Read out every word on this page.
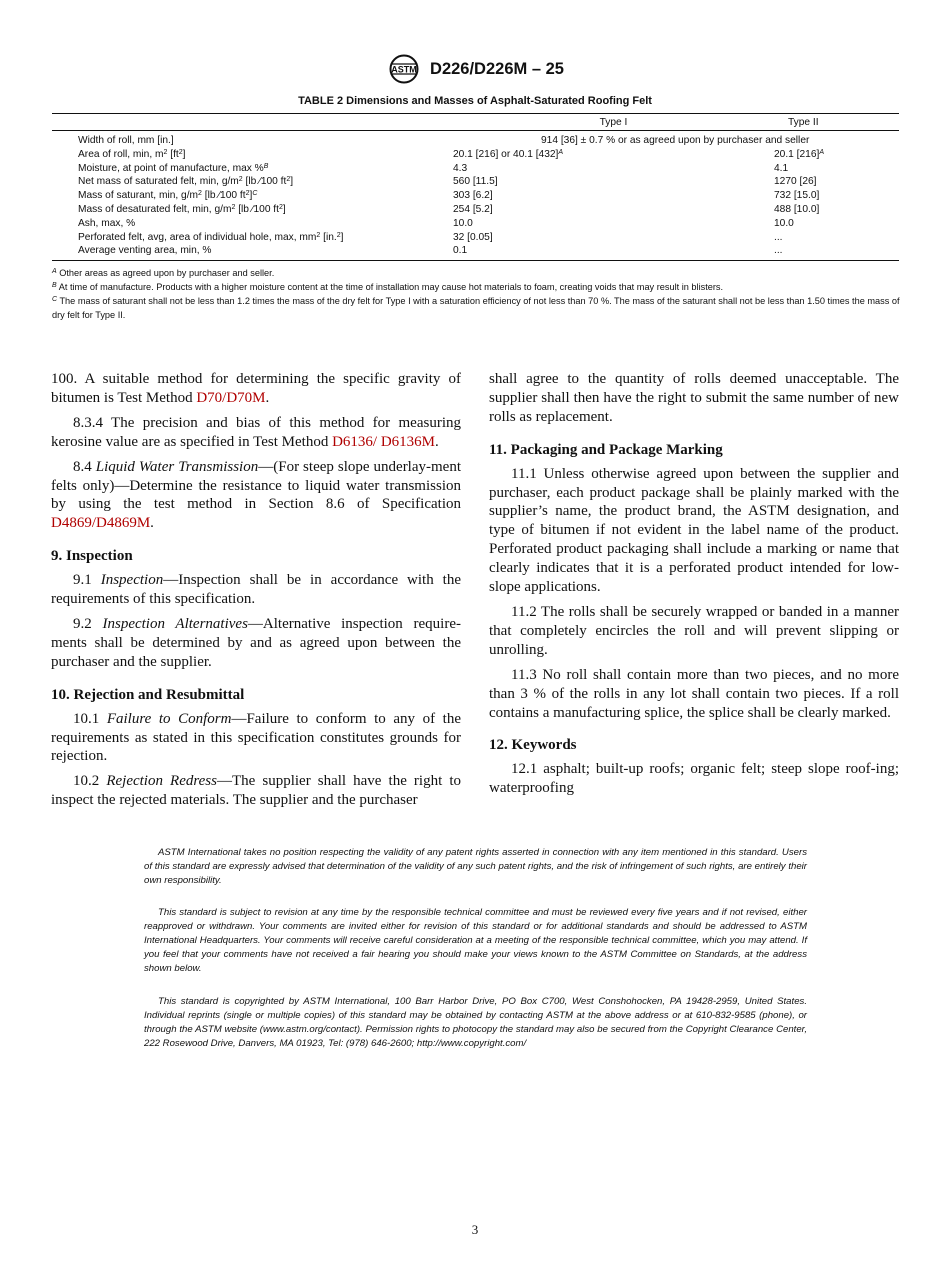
ASTM D226/D226M – 25
TABLE 2 Dimensions and Masses of Asphalt-Saturated Roofing Felt
	Type I	Type II
Width of roll, mm [in.]	914 [36] ± 0.7 % or as agreed upon by purchaser and seller	
Area of roll, min, $m^2$ $[ft^2]$	20.1 [216] or 40.1 $[432]^A$	20.1 $[216]^A$
Moisture, at point of manufacture, max %$^B$	4.3	4.1
Net mass of saturated felt, min, $g/m^2$ [lb ⁄100 $ft^2$]	560 [11.5]	1270 [26]
Mass of saturant, min, $g/m^2$ [lb ⁄100 $ft^2]^C$	303 [6.2]	732 [15.0]
Mass of desaturated felt, min, $g/m^2$ [lb ⁄100 $ft^2$]	254 [5.2]	488 [10.0]
Ash, max, %	10.0	10.0
Perforated felt, avg, area of individual hole, max, $mm^2$ [in.$^2$]	32 [0.05]	...
Average venting area, min, %	0.1	...
$^A$ Other areas as agreed upon by purchaser and seller.
$^B$ At time of manufacture. Products with a higher moisture content at the time of installation may cause hot materials to foam, creating voids that may result in blisters.
$^C$ The mass of saturant shall not be less than 1.2 times the mass of the dry felt for Type I with a saturation efficiency of not less than 70 %. The mass of the saturant shall not be less than 1.50 times the mass of dry felt for Type II.

100. A suitable method for determining the specific gravity of bitumen is Test Method D70/D70M.

8.3.4 The precision and bias of this method for measuring kerosine value are as specified in Test Method D6136/ D6136M.

8.4 Liquid Water Transmission—(For steep slope underlay-ment felts only)—Determine the resistance to liquid water transmission by using the test method in Section 8.6 of Specification D4869/D4869M.

9. Inspection

9.1 Inspection—Inspection shall be in accordance with the requirements of this specification.

9.2 Inspection Alternatives—Alternative inspection require-ments shall be determined by and as agreed upon between the purchaser and the supplier.

10. Rejection and Resubmittal

10.1 Failure to Conform—Failure to conform to any of the requirements as stated in this specification constitutes grounds for rejection.

10.2 Rejection Redress—The supplier shall have the right to inspect the rejected materials. The supplier and the purchaser

shall agree to the quantity of rolls deemed unacceptable. The supplier shall then have the right to submit the same number of new rolls as replacement.

11. Packaging and Package Marking

11.1 Unless otherwise agreed upon between the supplier and purchaser, each product package shall be plainly marked with the supplier’s name, the product brand, the ASTM designation, and type of bitumen if not evident in the label name of the product. Perforated product packaging shall include a marking or name that clearly indicates that it is a perforated product intended for low-slope applications.

11.2 The rolls shall be securely wrapped or banded in a manner that completely encircles the roll and will prevent slipping or unrolling.

11.3 No roll shall contain more than two pieces, and no more than 3 % of the rolls in any lot shall contain two pieces. If a roll contains a manufacturing splice, the splice shall be clearly marked.

12. Keywords

12.1 asphalt; built-up roofs; organic felt; steep slope roof-ing; waterproofing

ASTM International takes no position respecting the validity of any patent rights asserted in connection with any item mentioned in this standard. Users of this standard are expressly advised that determination of the validity of any such patent rights, and the risk of infringement of such rights, are entirely their own responsibility.

This standard is subject to revision at any time by the responsible technical committee and must be reviewed every five years and if not revised, either reapproved or withdrawn. Your comments are invited either for revision of this standard or for additional standards and should be addressed to ASTM International Headquarters. Your comments will receive careful consideration at a meeting of the responsible technical committee, which you may attend. If you feel that your comments have not received a fair hearing you should make your views known to the ASTM Committee on Standards, at the address shown below.

This standard is copyrighted by ASTM International, 100 Barr Harbor Drive, PO Box C700, West Conshohocken, PA 19428-2959, United States. Individual reprints (single or multiple copies) of this standard may be obtained by contacting ASTM at the above address or at 610-832-9585 (phone), or through the ASTM website (www.astm.org/contact). Permission rights to photocopy the standard may also be secured from the Copyright Clearance Center, 222 Rosewood Drive, Danvers, MA 01923, Tel: (978) 646-2600; http://www.copyright.com/

3
